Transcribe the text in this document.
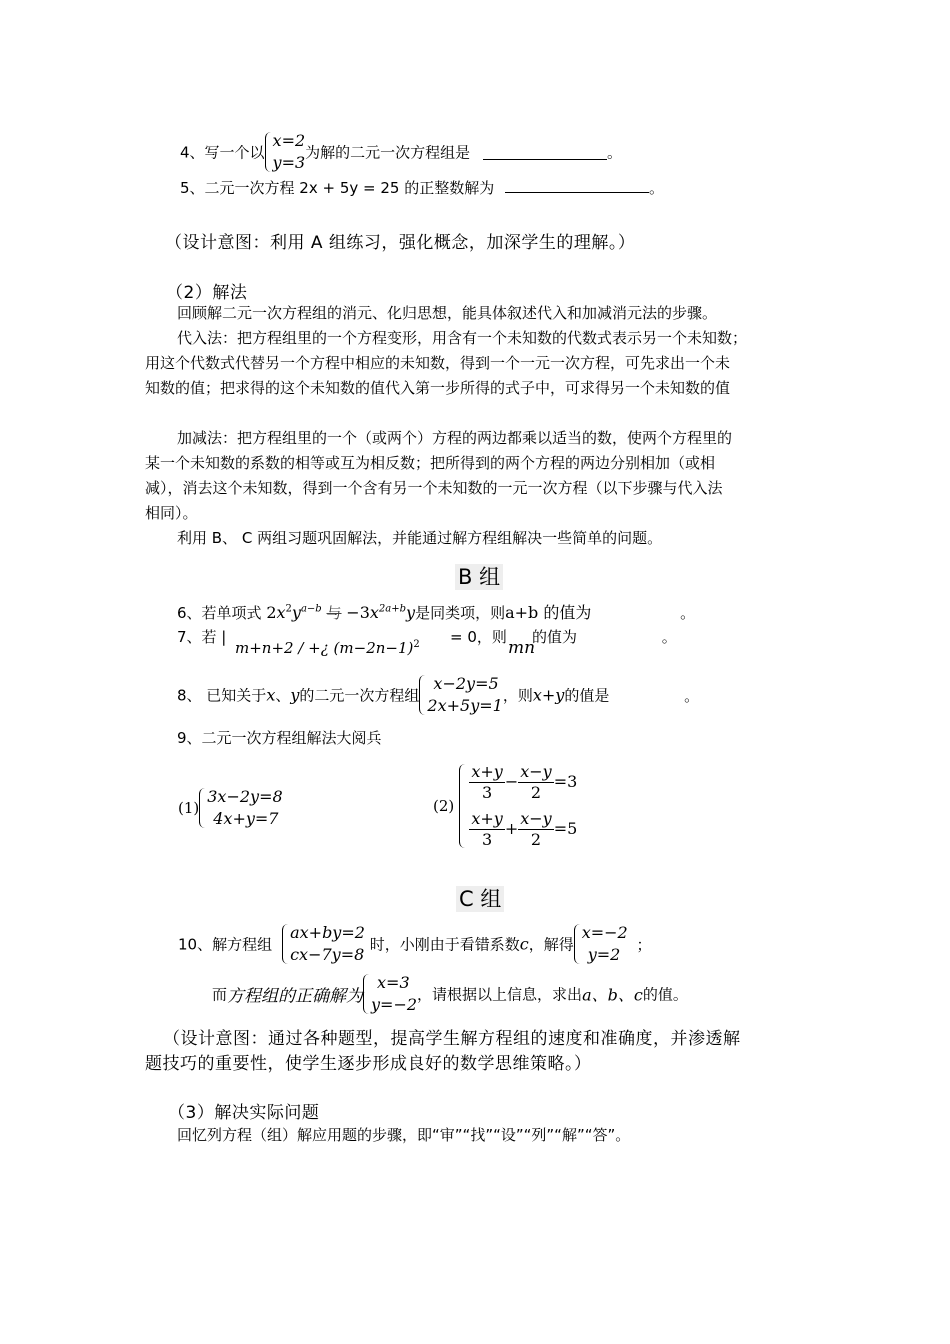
4、写一个以
x=2
y=3
为解的二元一次方程组是	。
5、二元一次方程 2x + 5y = 25 的正整数解为	。
（设计意图：利用 A 组练习，强化概念，加深学生的理解。）
（2）解法
回顾解二元一次方程组的消元、化归思想，能具体叙述代入和加减消元法的步骤。
代入法：把方程组里的一个方程变形，用含有一个未知数的代数式表示另一个未知数；
用这个代数式代替另一个方程中相应的未知数，得到一个一元一次方程，可先求出一个未
知数的值；把求得的这个未知数的值代入第一步所得的式子中，可求得另一个未知数的值
加减法：把方程组里的一个（或两个）方程的两边都乘以适当的数，使两个方程里的
某一个未知数的系数的相等或互为相反数；把所得到的两个方程的两边分别相加（或相
减），消去这个未知数，得到一个含有另一个未知数的一元一次方程（以下步骤与代入法
相同）。
利用 B、 C 两组习题巩固解法，并能通过解方程组解决一些简单的问题。
B 组
6、若单项式 $2x^2y^{a-b}$ 与 $-3x^{2a+b}y$是同类项，则a+b 的值为	。
7、若 |
m+n+2 / +¿ $(m-2n-1)^2 = 0$，则
mn
的值为	。
8、 已知关于x、y的二元一次方程组
x−2y=5
2x+5y=1
，则x+y的值是	。
9、二元一次方程组解法大阅兵
(1)
3x−2y=8
4x+y=7
(2)
$\frac{x+y}{3} - \frac{x-y}{2} =3$
$\frac{x+y}{3} + \frac{x-y}{2} =5$
C 组
10、解方程组
ax+by=2
cx−7y=8
时，小刚由于看错系数c，解得
x=−2
y=2
；
而方程组的正确解为
x=3
y=−2
，请根据以上信息，求出a、b、c的值。
（设计意图：通过各种题型，提高学生解方程组的速度和准确度，并渗透解
题技巧的重要性，使学生逐步形成良好的数学思维策略。）
（3）解决实际问题
回忆列方程（组）解应用题的步骤，即“审”“找”“设”“列”“解”“答”。
